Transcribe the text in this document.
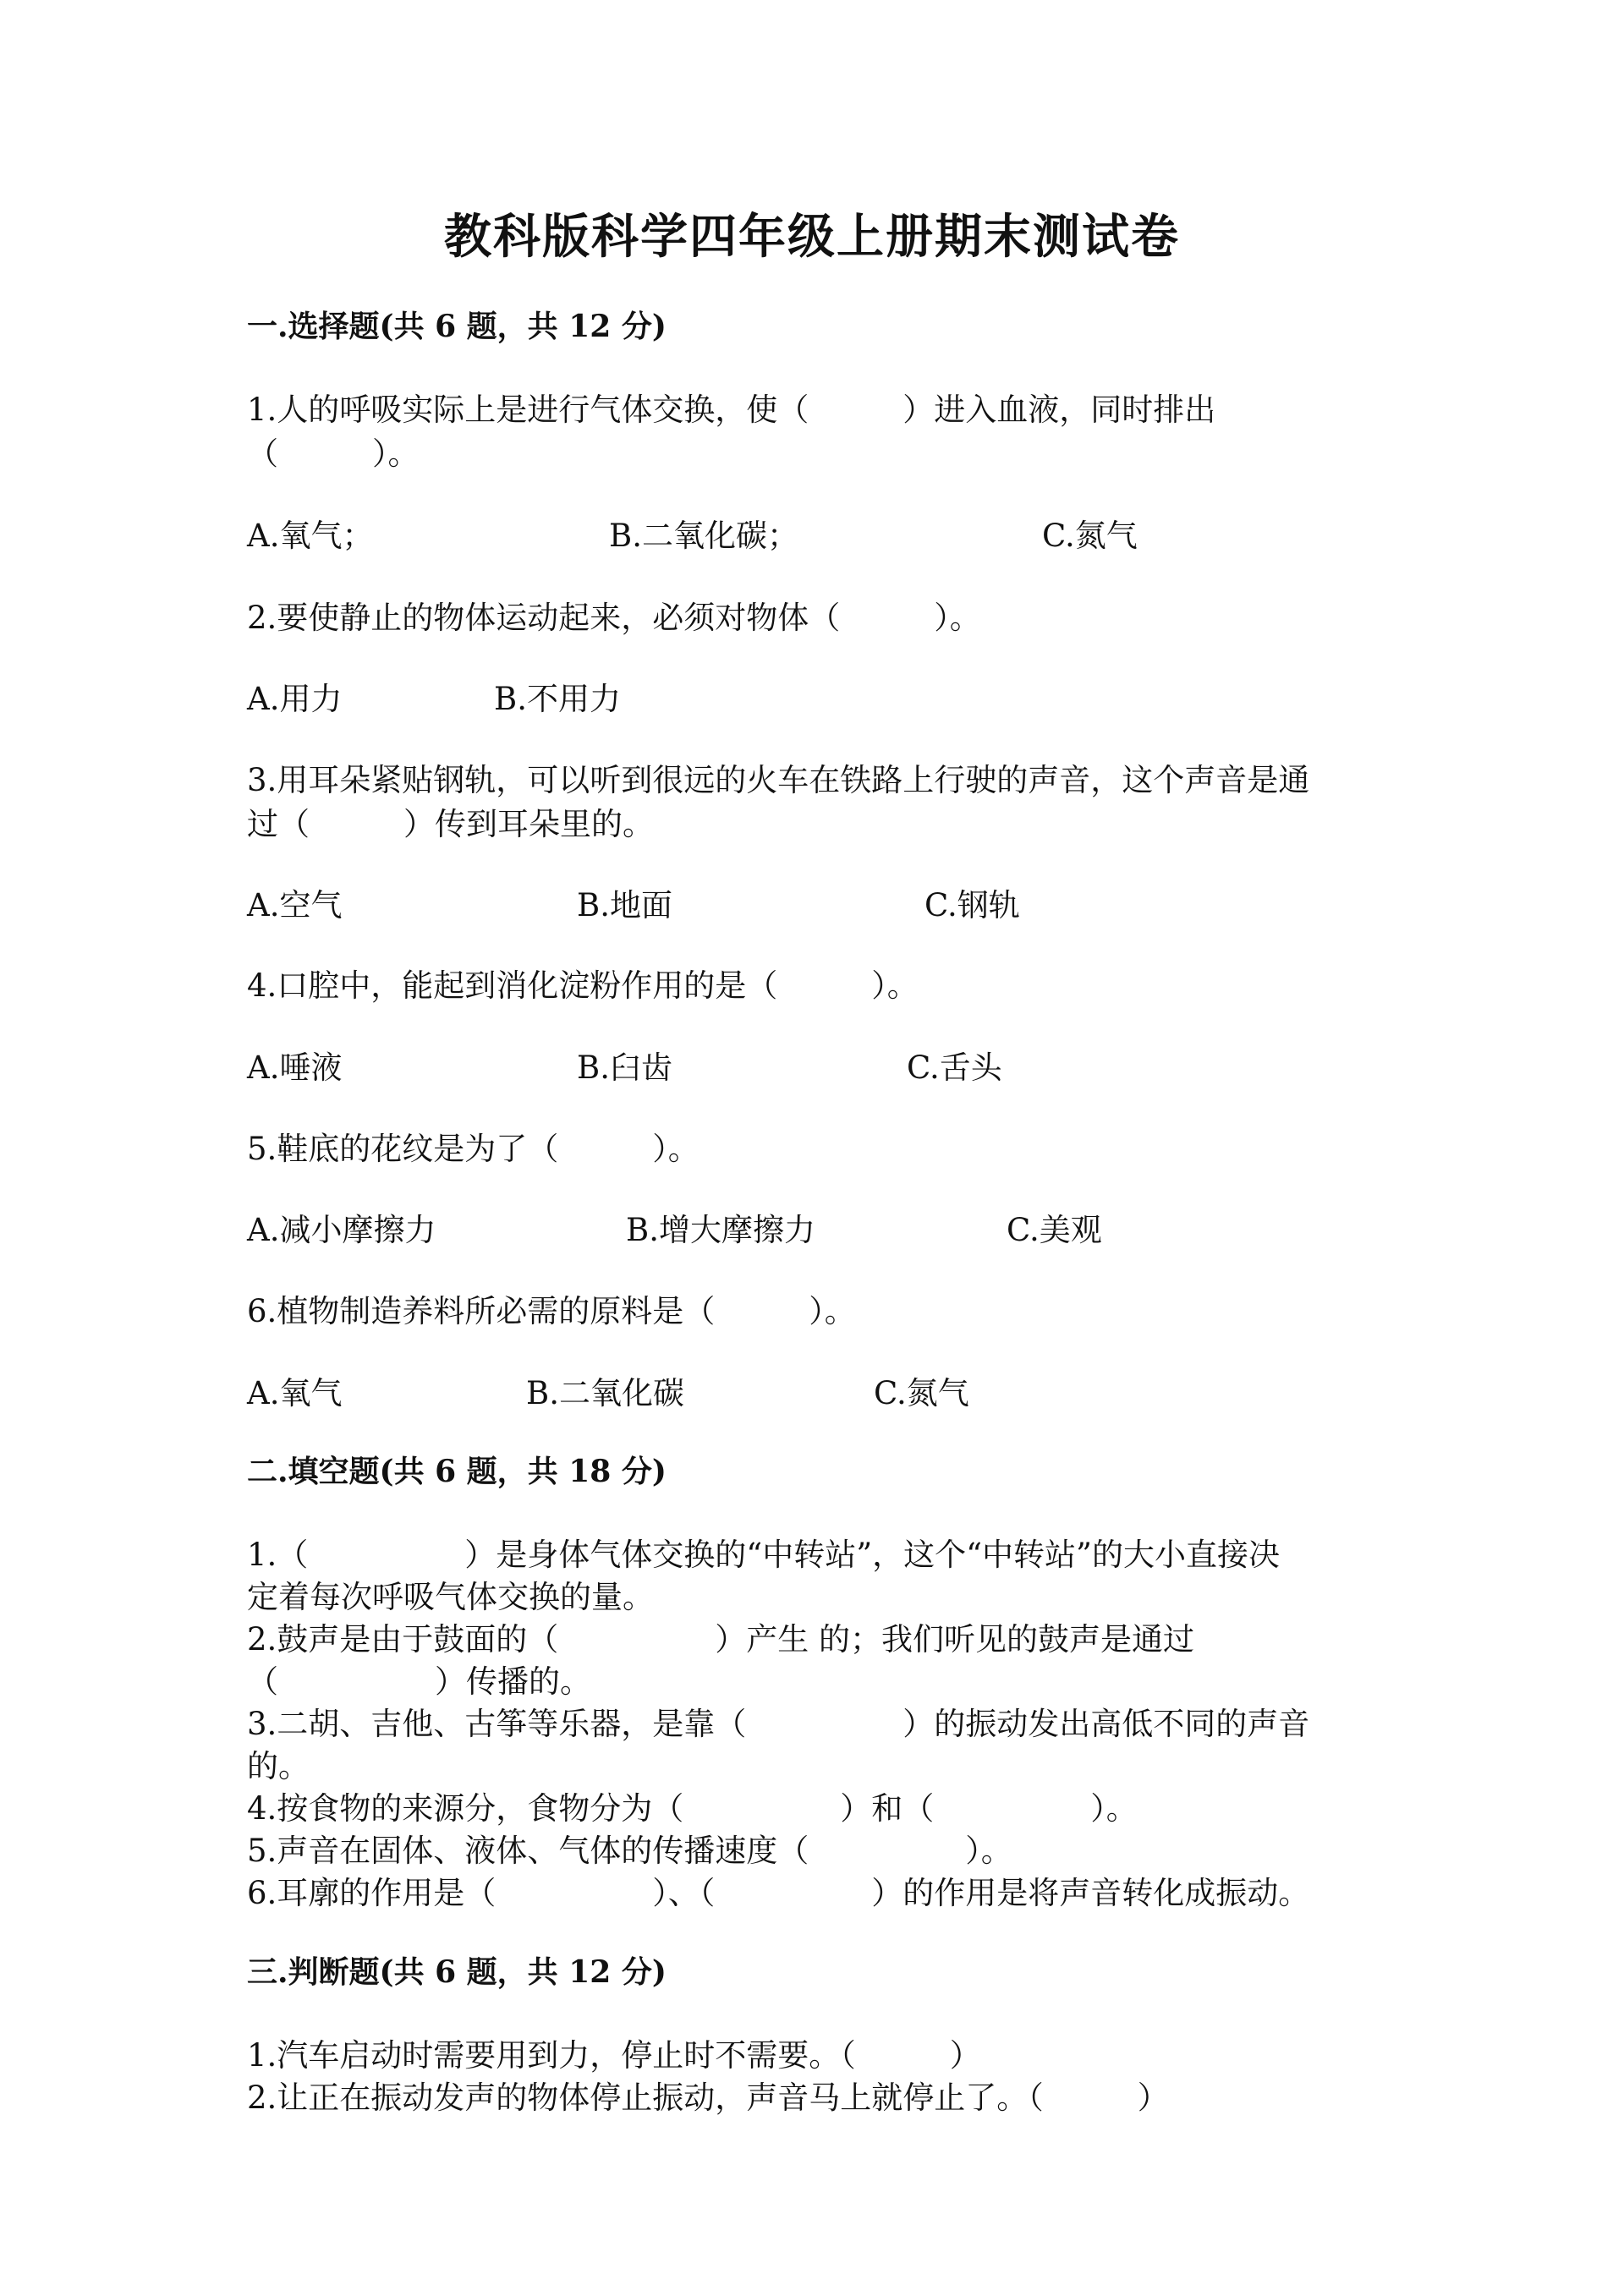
教科版科学四年级上册期末测试卷
一.选择题(共 6 题，共 12 分)
1.人的呼吸实际上是进行气体交换，使（　　　）进入血液，同时排出
（　　　）。
A.氧气；	B.二氧化碳；	C.氮气
2.要使静止的物体运动起来，必须对物体（　　　）。
A.用力	B.不用力
3.用耳朵紧贴钢轨，可以听到很远的火车在铁路上行驶的声音，这个声音是通
过（　　　）传到耳朵里的。
A.空气	B.地面	C.钢轨
4.口腔中，能起到消化淀粉作用的是（　　　）。
A.唾液	B.臼齿	C.舌头
5.鞋底的花纹是为了（　　　）。
A.减小摩擦力	B.增大摩擦力	C.美观
6.植物制造养料所必需的原料是（　　　）。
A.氧气	B.二氧化碳	C.氮气
二.填空题(共 6 题，共 18 分)
1.（　　　　　）是身体气体交换的“中转站”，这个“中转站”的大小直接决
定着每次呼吸气体交换的量。
2.鼓声是由于鼓面的（　　　　　）产生 的；我们听见的鼓声是通过
（　　　　　）传播的。
3.二胡、吉他、古筝等乐器，是靠（　　　　　）的振动发出高低不同的声音
的。
4.按食物的来源分，食物分为（　　　　　）和（　　　　　）。
5.声音在固体、液体、气体的传播速度（　　　　　）。
6.耳廓的作用是（　　　　　）、（　　　　　）的作用是将声音转化成振动。
三.判断题(共 6 题，共 12 分)
1.汽车启动时需要用到力，停止时不需要。（　　　）
2.让正在振动发声的物体停止振动，声音马上就停止了。（　　　）
